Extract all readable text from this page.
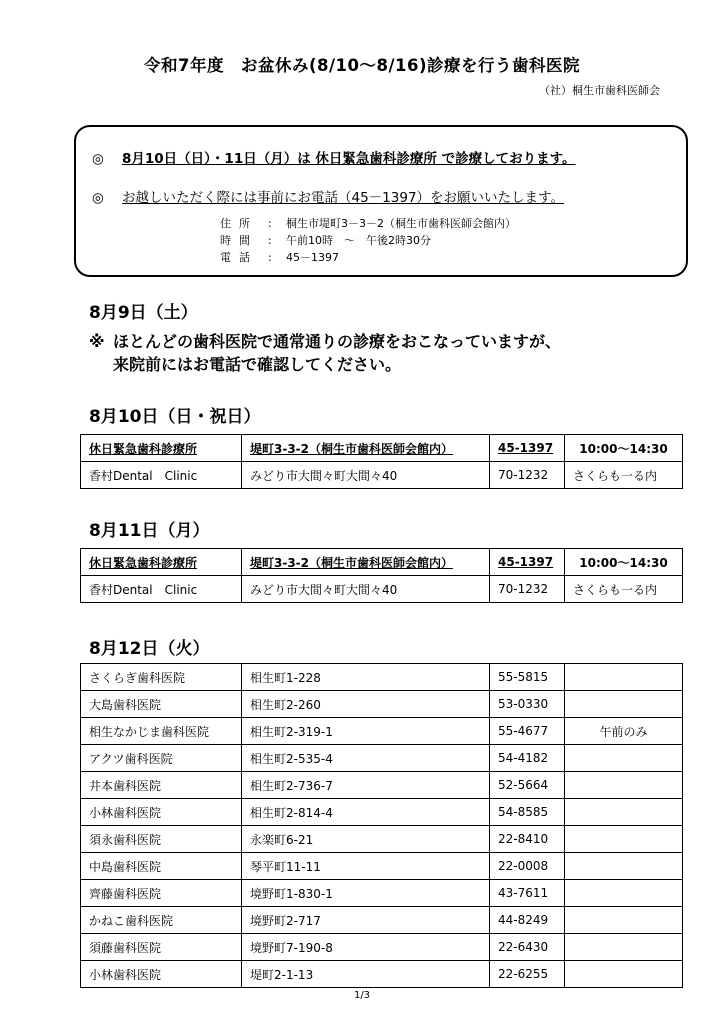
令和7年度　お盆休み(8/10～8/16)診療を行う歯科医院
（社）桐生市歯科医師会
◎ 8月10日（日）・11日（月）は 休日緊急歯科診療所 で診療しております。
◎ お越しいただく際には事前にお電話（45－1397）をお願いいたします。
住所 :	桐生市堤町3－3－2（桐生市歯科医師会館内）
時間 :	午前10時　～　午後2時30分
電話 :	45－1397
8月9日（土）
※ ほとんどの歯科医院で通常通りの診療をおこなっていますが、
来院前にはお電話で確認してください。
8月10日（日・祝日）
休日緊急歯科診療所	堤町3-3-2（桐生市歯科医師会館内）	45-1397	10:00～14:30
香村Dental　Clinic	みどり市大間々町大間々40	70-1232	さくらも一る内
8月11日（月）
休日緊急歯科診療所	堤町3-3-2（桐生市歯科医師会館内）	45-1397	10:00～14:30
香村Dental　Clinic	みどり市大間々町大間々40	70-1232	さくらも一る内
8月12日（火）
さくらぎ歯科医院	相生町1-228	55-5815	
大島歯科医院	相生町2-260	53-0330	
相生なかじま歯科医院	相生町2-319-1	55-4677	午前のみ
アクツ歯科医院	相生町2-535-4	54-4182	
井本歯科医院	相生町2-736-7	52-5664	
小林歯科医院	相生町2-814-4	54-8585	
須永歯科医院	永楽町6-21	22-8410	
中島歯科医院	琴平町11-11	22-0008	
齊藤歯科医院	境野町1-830-1	43-7611	
かねこ歯科医院	境野町2-717	44-8249	
須藤歯科医院	境野町7-190-8	22-6430	
小林歯科医院	堤町2-1-13	22-6255	
1/3
